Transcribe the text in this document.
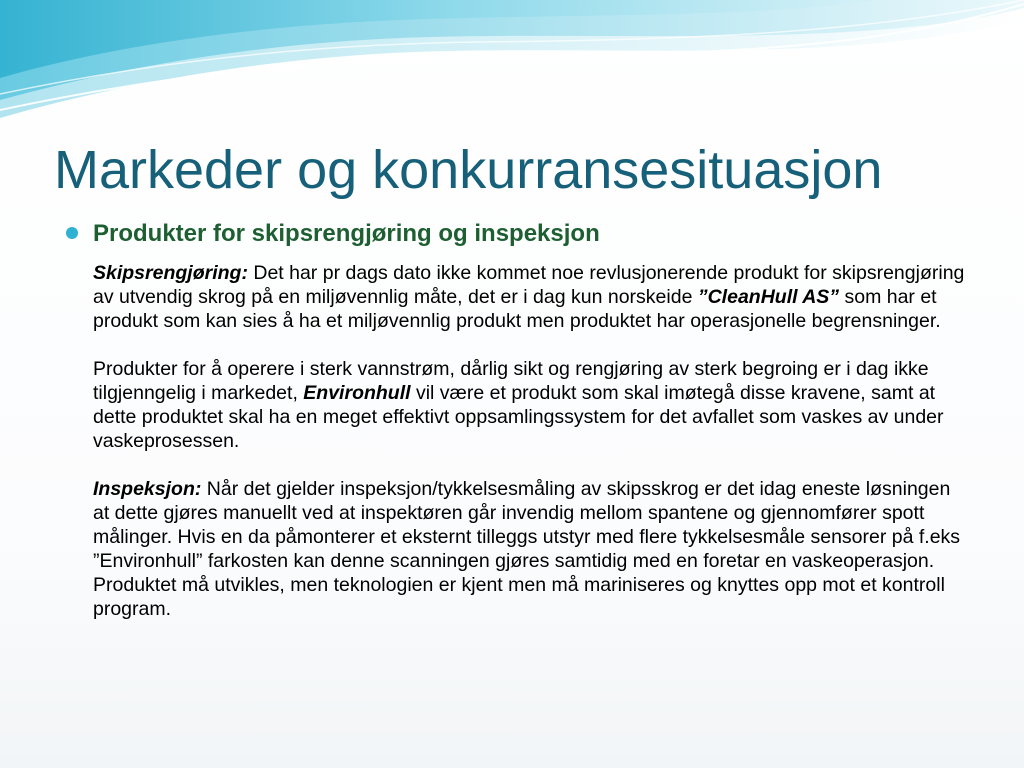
Markeder og konkurransesituasjon
Produkter for skipsrengjøring og inspeksjon

Skipsrengjøring: Det har pr dags dato ikke kommet noe revlusjonerende produkt for skipsrengjøring av utvendig skrog på en miljøvennlig måte, det er i dag kun norskeide ”CleanHull AS” som har et produkt som kan sies å ha et miljøvennlig produkt men produktet har operasjonelle begrensninger.

Produkter for å operere i sterk vannstrøm, dårlig sikt og rengjøring av sterk begroing er i dag ikke tilgjenngelig i markedet, Environhull vil være et produkt som skal imøtegå disse kravene, samt at dette produktet skal ha en meget effektivt oppsamlingssystem for det avfallet som vaskes av under vaskeprosessen.

Inspeksjon: Når det gjelder inspeksjon/tykkelsesmåling av skipsskrog er det idag eneste løsningen at dette gjøres manuellt ved at inspektøren går invendig mellom spantene og gjennomfører spott målinger. Hvis en da påmonterer et eksternt tilleggs utstyr med flere tykkelsesmåle sensorer på f.eks ”Environhull” farkosten kan denne scanningen gjøres samtidig med en foretar en vaskeoperasjon. Produktet må utvikles, men teknologien er kjent men må mariniseres og knyttes opp mot et kontroll program.
